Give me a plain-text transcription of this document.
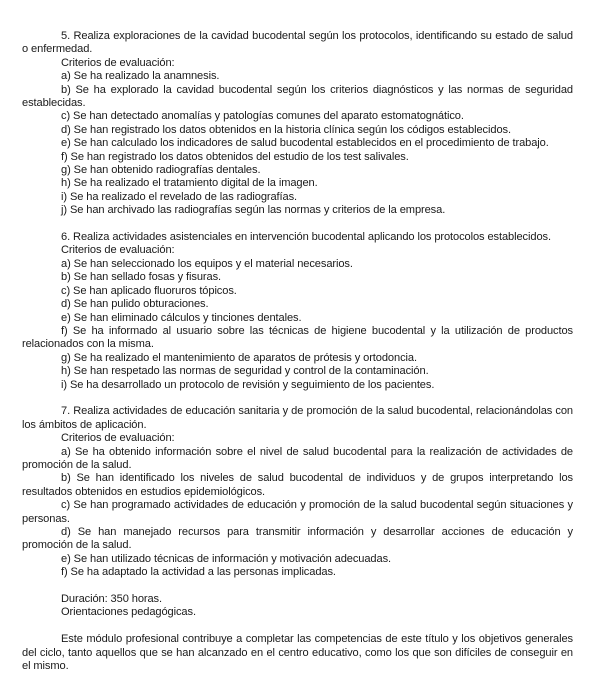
5. Realiza exploraciones de la cavidad bucodental según los protocolos, identificando su estado de salud o enfermedad.

Criterios de evaluación:

a) Se ha realizado la anamnesis.

b) Se ha explorado la cavidad bucodental según los criterios diagnósticos y las normas de seguridad establecidas.

c) Se han detectado anomalías y patologías comunes del aparato estomatognático.

d) Se han registrado los datos obtenidos en la historia clínica según los códigos establecidos.

e) Se han calculado los indicadores de salud bucodental establecidos en el procedimiento de trabajo.

f) Se han registrado los datos obtenidos del estudio de los test salivales.

g) Se han obtenido radiografías dentales.

h) Se ha realizado el tratamiento digital de la imagen.

i) Se ha realizado el revelado de las radiografías.

j) Se han archivado las radiografías según las normas y criterios de la empresa.

6. Realiza actividades asistenciales en intervención bucodental aplicando los protocolos establecidos.

Criterios de evaluación:

a) Se han seleccionado los equipos y el material necesarios.

b) Se han sellado fosas y fisuras.

c) Se han aplicado fluoruros tópicos.

d) Se han pulido obturaciones.

e) Se han eliminado cálculos y tinciones dentales.

f) Se ha informado al usuario sobre las técnicas de higiene bucodental y la utilización de productos relacionados con la misma.

g) Se ha realizado el mantenimiento de aparatos de prótesis y ortodoncia.

h) Se han respetado las normas de seguridad y control de la contaminación.

i) Se ha desarrollado un protocolo de revisión y seguimiento de los pacientes.

7. Realiza actividades de educación sanitaria y de promoción de la salud bucodental, relacionándolas con los ámbitos de aplicación.

Criterios de evaluación:

a) Se ha obtenido información sobre el nivel de salud bucodental para la realización de actividades de promoción de la salud.

b) Se han identificado los niveles de salud bucodental de individuos y de grupos interpretando los resultados obtenidos en estudios epidemiológicos.

c) Se han programado actividades de educación y promoción de la salud bucodental según situaciones y personas.

d) Se han manejado recursos para transmitir información y desarrollar acciones de educación y promoción de la salud.

e) Se han utilizado técnicas de información y motivación adecuadas.

f) Se ha adaptado la actividad a las personas implicadas.

Duración: 350 horas.

Orientaciones pedagógicas.

Este módulo profesional contribuye a completar las competencias de este título y los objetivos generales del ciclo, tanto aquellos que se han alcanzado en el centro educativo, como los que son difíciles de conseguir en el mismo.
